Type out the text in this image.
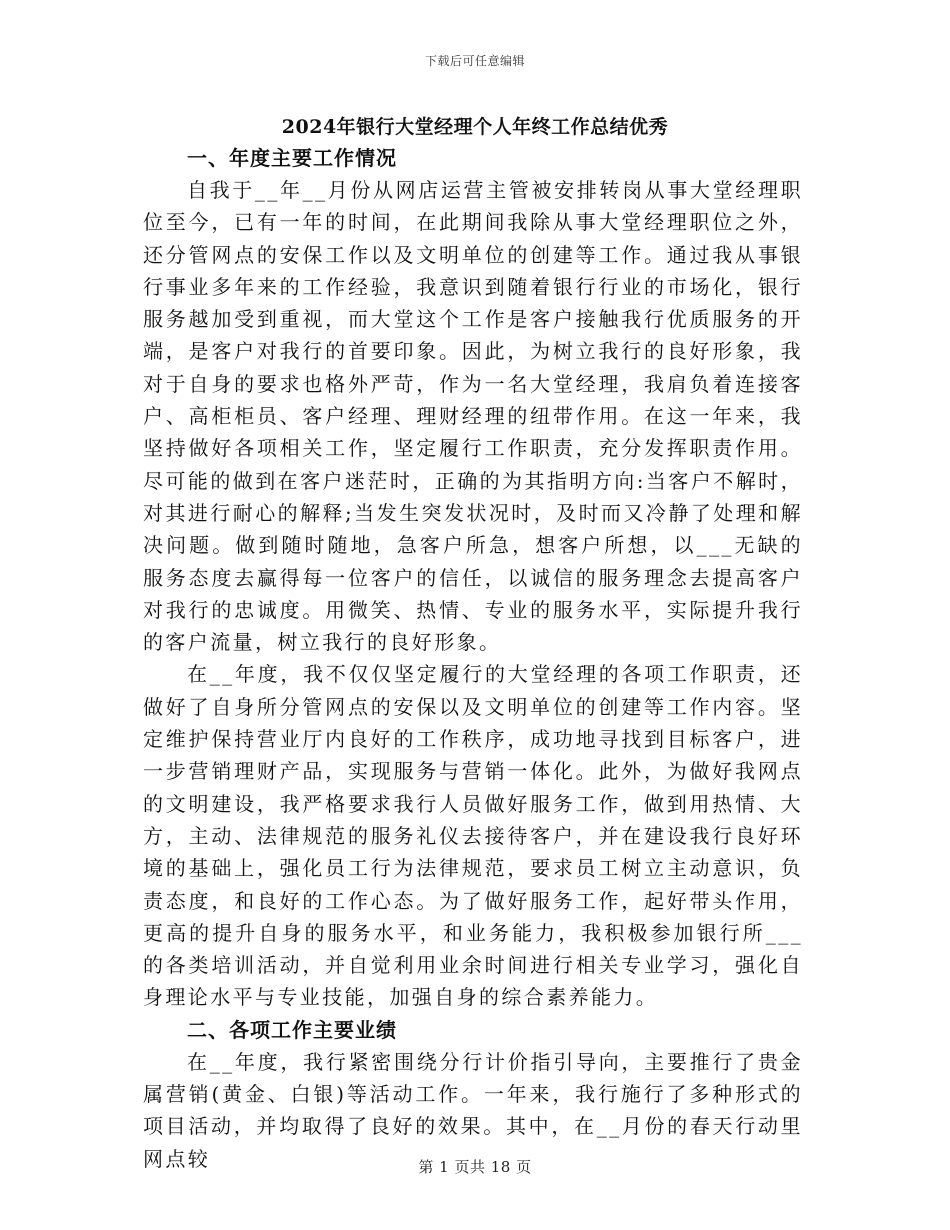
下载后可任意编辑
2024年银行大堂经理个人年终工作总结优秀
一、年度主要工作情况

自我于__年__月份从网店运营主管被安排转岗从事大堂经理职位至今，已有一年的时间，在此期间我除从事大堂经理职位之外，还分管网点的安保工作以及文明单位的创建等工作。通过我从事银行事业多年来的工作经验，我意识到随着银行行业的市场化，银行服务越加受到重视，而大堂这个工作是客户接触我行优质服务的开端，是客户对我行的首要印象。因此，为树立我行的良好形象，我对于自身的要求也格外严苛，作为一名大堂经理，我肩负着连接客户、高柜柜员、客户经理、理财经理的纽带作用。在这一年来，我坚持做好各项相关工作，坚定履行工作职责，充分发挥职责作用。尽可能的做到在客户迷茫时，正确的为其指明方向:当客户不解时，对其进行耐心的解释;当发生突发状况时，及时而又冷静了处理和解决问题。做到随时随地，急客户所急，想客户所想，以___无缺的服务态度去赢得每一位客户的信任，以诚信的服务理念去提高客户对我行的忠诚度。用微笑、热情、专业的服务水平，实际提升我行的客户流量，树立我行的良好形象。

在__年度，我不仅仅坚定履行的大堂经理的各项工作职责，还做好了自身所分管网点的安保以及文明单位的创建等工作内容。坚定维护保持营业厅内良好的工作秩序，成功地寻找到目标客户，进一步营销理财产品，实现服务与营销一体化。此外，为做好我网点的文明建设，我严格要求我行人员做好服务工作，做到用热情、大方，主动、法律规范的服务礼仪去接待客户，并在建设我行良好环境的基础上，强化员工行为法律规范，要求员工树立主动意识，负责态度，和良好的工作心态。为了做好服务工作，起好带头作用，更高的提升自身的服务水平，和业务能力，我积极参加银行所___的各类培训活动，并自觉利用业余时间进行相关专业学习，强化自身理论水平与专业技能，加强自身的综合素养能力。

二、各项工作主要业绩

在__年度，我行紧密围绕分行计价指引导向，主要推行了贵金属营销(黄金、白银)等活动工作。一年来，我行施行了多种形式的项目活动，并均取得了良好的效果。其中，在__月份的春天行动里网点较	第 1 页共 18 页
